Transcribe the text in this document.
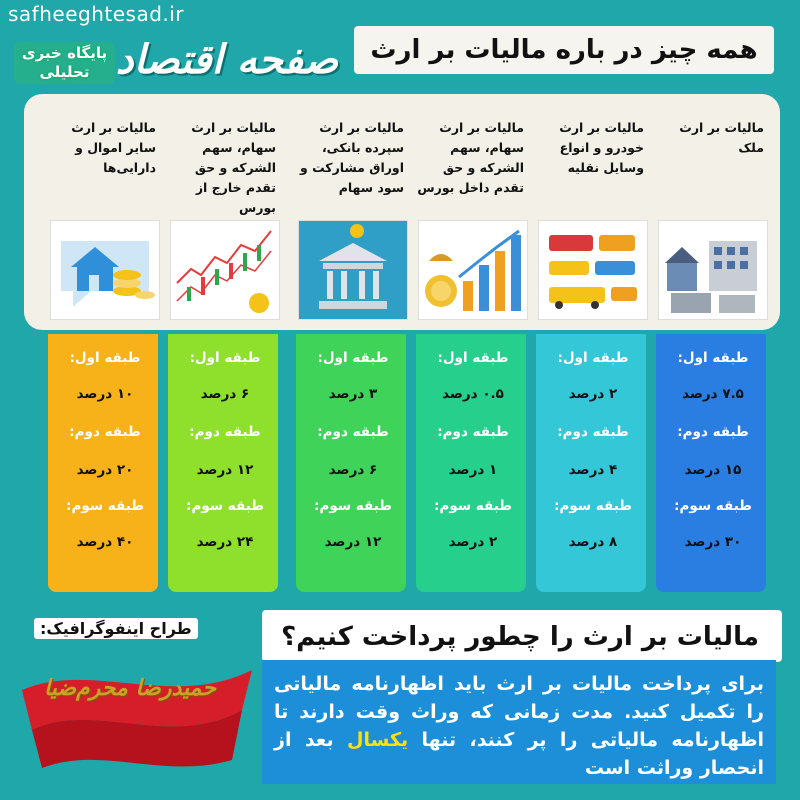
safheeghtesad.ir
پایگاه خبری تحلیلی صفحه اقتصاد	همه چیز در باره مالیات بر ارث
مالیات بر ارث ملک
طبقه اول:
۷.۵ درصد
طبقه دوم:
۱۵ درصد
طبقه سوم:
۳۰ درصد
مالیات بر ارث خودرو و انواع وسایل نقلیه
طبقه اول:
۲ درصد
طبقه دوم:
۴ درصد
طبقه سوم:
۸ درصد
مالیات بر ارث سهام، سهم الشرکه و حق تقدم داخل بورس
طبقه اول:
۰.۵ درصد
طبقه دوم:
۱ درصد
طبقه سوم:
۲ درصد
مالیات بر ارث سپرده بانکی، اوراق مشارکت و سود سهام
طبقه اول:
۳ درصد
طبقه دوم:
۶ درصد
طبقه سوم:
۱۲ درصد
مالیات بر ارث سهام، سهم الشرکه و حق تقدم خارج از بورس
طبقه اول:
۶ درصد
طبقه دوم:
۱۲ درصد
طبقه سوم:
۲۴ درصد
مالیات بر ارث سایر اموال و دارایی‌ها
طبقه اول:
۱۰ درصد
طبقه دوم:
۲۰ درصد
طبقه سوم:
۴۰ درصد
مالیات بر ارث را چطور پرداخت کنیم؟
برای پرداخت مالیات بر ارث باید اظهارنامه مالیاتی را تکمیل کنید. مدت زمانی که وراث وقت دارند تا اظهارنامه مالیاتی را پر کنند، تنها یکسال بعد از انحصار وراثت است
طراح اینفوگرافیک:
حمیدرضا محرم‌ضیا
